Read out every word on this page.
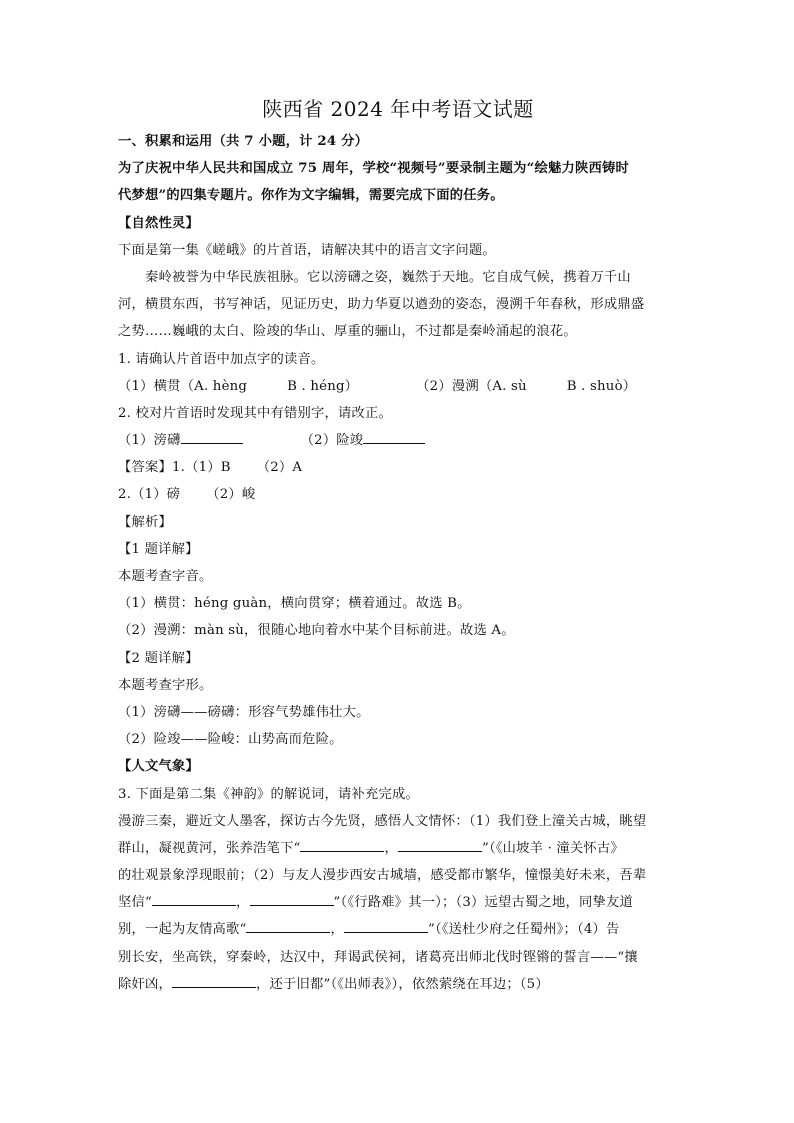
陕西省 2024 年中考语文试题
一、积累和运用（共 7 小题，计 24 分）
为了庆祝中华人民共和国成立 75 周年，学校“视频号”要录制主题为“绘魅力陕西铸时
代梦想”的四集专题片。你作为文字编辑，需要完成下面的任务。
【自然性灵】
下面是第一集《嵯峨》的片首语，请解决其中的语言文字问题。
秦岭被誉为中华民族祖脉。它以滂礴之姿，巍然于天地。它自成气候，携着万千山
河，横贯东西，书写神话，见证历史，助力华夏以遒劲的姿态，漫溯千年春秋，形成鼎盛
之势……巍峨的太白、险竣的华山、厚重的骊山，不过都是秦岭涌起的浪花。
1. 请确认片首语中加点字的读音。
（1）横贯（A. hèng	B . héng）	（2）漫溯（A. sù	B . shuò）
2. 校对片首语时发现其中有错别字，请改正。
（1）滂礴	（2）险竣
【答案】1.（1）B （2）A
2.（1）磅 （2）峻
【解析】
【1 题详解】
本题考查字音。
（1）横贯：héng guàn，横向贯穿；横着通过。故选 B。
（2）漫溯：màn sù，很随心地向着水中某个目标前进。故选 A。
【2 题详解】
本题考查字形。
（1）滂礴——磅礴：形容气势雄伟壮大。
（2）险竣——险峻：山势高而危险。
【人文气象】
3. 下面是第二集《神韵》的解说词，请补充完成。
漫游三秦，避近文人墨客，探访古今先贤，感悟人文情怀：（1）我们登上潼关古城，眺望
群山，凝视黄河，张养浩笔下“	，	”（《山坡羊 · 潼关怀古》
的壮观景象浮现眼前；（2）与友人漫步西安古城墙，感受都市繁华，憧憬美好未来，吾辈
坚信“	，	”（《行路难》其一）；（3）远望古蜀之地，同挚友道
别，一起为友情高歌“	，	”（《送杜少府之任蜀州》；（4）告
别长安，坐高铁，穿秦岭，达汉中，拜谒武侯祠，诸葛亮出师北伐时铿锵的誓言——“攘
除奸凶，	，还于旧都”（《出师表》），依然萦绕在耳边；（5）
